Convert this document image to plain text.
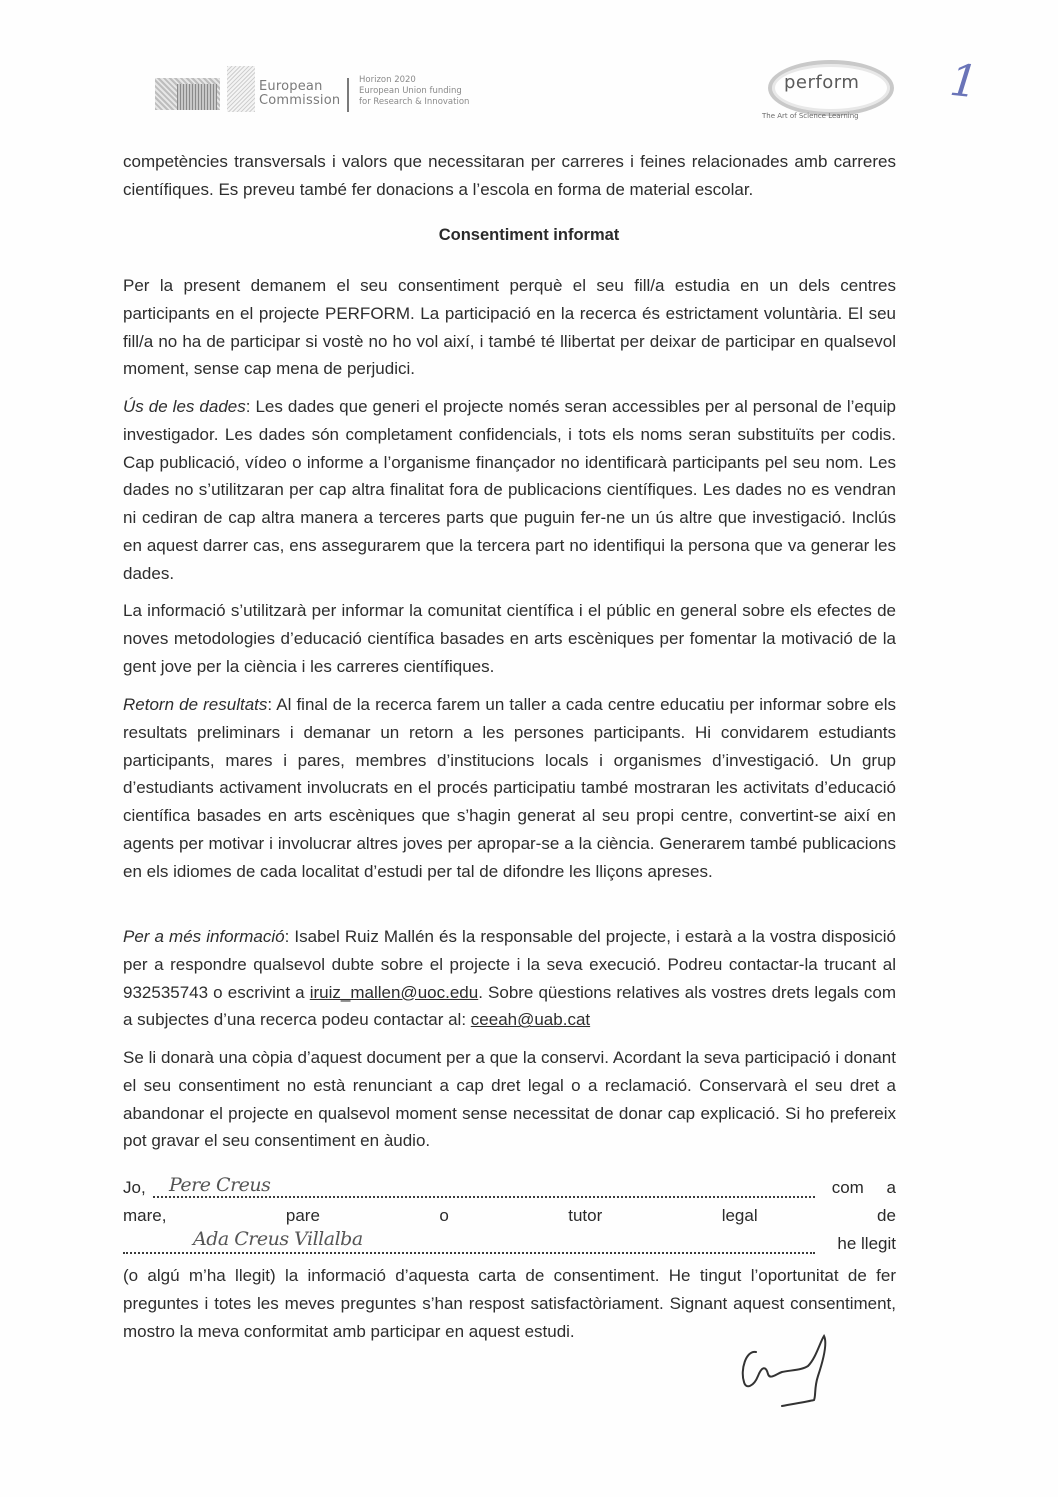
European
Commission
Horizon 2020
European Union funding
for Research & Innovation
perform
The Art of Science Learning
1

competències transversals i valors que necessitaran per carreres i feines relacionades amb carreres científiques. Es preveu també fer donacions a l’escola en forma de material escolar.

Consentiment informat

Per la present demanem el seu consentiment perquè el seu fill/a estudia en un dels centres participants en el projecte PERFORM. La participació en la recerca és estrictament voluntària. El seu fill/a no ha de participar si vostè no ho vol així, i també té llibertat per deixar de participar en qualsevol moment, sense cap mena de perjudici.

Ús de les dades: Les dades que generi el projecte només seran accessibles per al personal de l’equip investigador. Les dades són completament confidencials, i tots els noms seran substituïts per codis. Cap publicació, vídeo o informe a l’organisme finançador no identificarà participants pel seu nom. Les dades no s’utilitzaran per cap altra finalitat fora de publicacions científiques. Les dades no es vendran ni cediran de cap altra manera a terceres parts que puguin fer-ne un ús altre que investigació. Inclús en aquest darrer cas, ens assegurarem que la tercera part no identifiqui la persona que va generar les dades.

La informació s’utilitzarà per informar la comunitat científica i el públic en general sobre els efectes de noves metodologies d’educació científica basades en arts escèniques per fomentar la motivació de la gent jove per la ciència i les carreres científiques.

Retorn de resultats: Al final de la recerca farem un taller a cada centre educatiu per informar sobre els resultats preliminars i demanar un retorn a les persones participants. Hi convidarem estudiants participants, mares i pares, membres d’institucions locals i organismes d’investigació. Un grup d’estudiants activament involucrats en el procés participatiu també mostraran les activitats d’educació científica basades en arts escèniques que s’hagin generat al seu propi centre, convertint-se així en agents per motivar i involucrar altres joves per apropar-se a la ciència. Generarem també publicacions en els idiomes de cada localitat d’estudi per tal de difondre les lliçons apreses.

Per a més informació: Isabel Ruiz Mallén és la responsable del projecte, i estarà a la vostra disposició per a respondre qualsevol dubte sobre el projecte i la seva execució. Podreu contactar-la trucant al 932535743 o escrivint a iruiz_mallen@uoc.edu. Sobre qüestions relatives als vostres drets legals com a subjectes d’una recerca podeu contactar al: ceeah@uab.cat

Se li donarà una còpia d’aquest document per a que la conservi. Acordant la seva participació i donant el seu consentiment no està renunciant a cap dret legal o a reclamació. Conservarà el seu dret a abandonar el projecte en qualsevol moment sense necessitat de donar cap explicació. Si ho prefereix pot gravar el seu consentiment en àudio.

Jo, Pere Creus	com a
mare,	pare	o	tutor	legal	de
Ada Creus Villalba	he llegit

(o algú m’ha llegit) la informació d’aquesta carta de consentiment. He tingut l’oportunitat de fer preguntes i totes les meves preguntes s’han respost satisfactòriament. Signant aquest consentiment, mostro la meva conformitat amb participar en aquest estudi.
